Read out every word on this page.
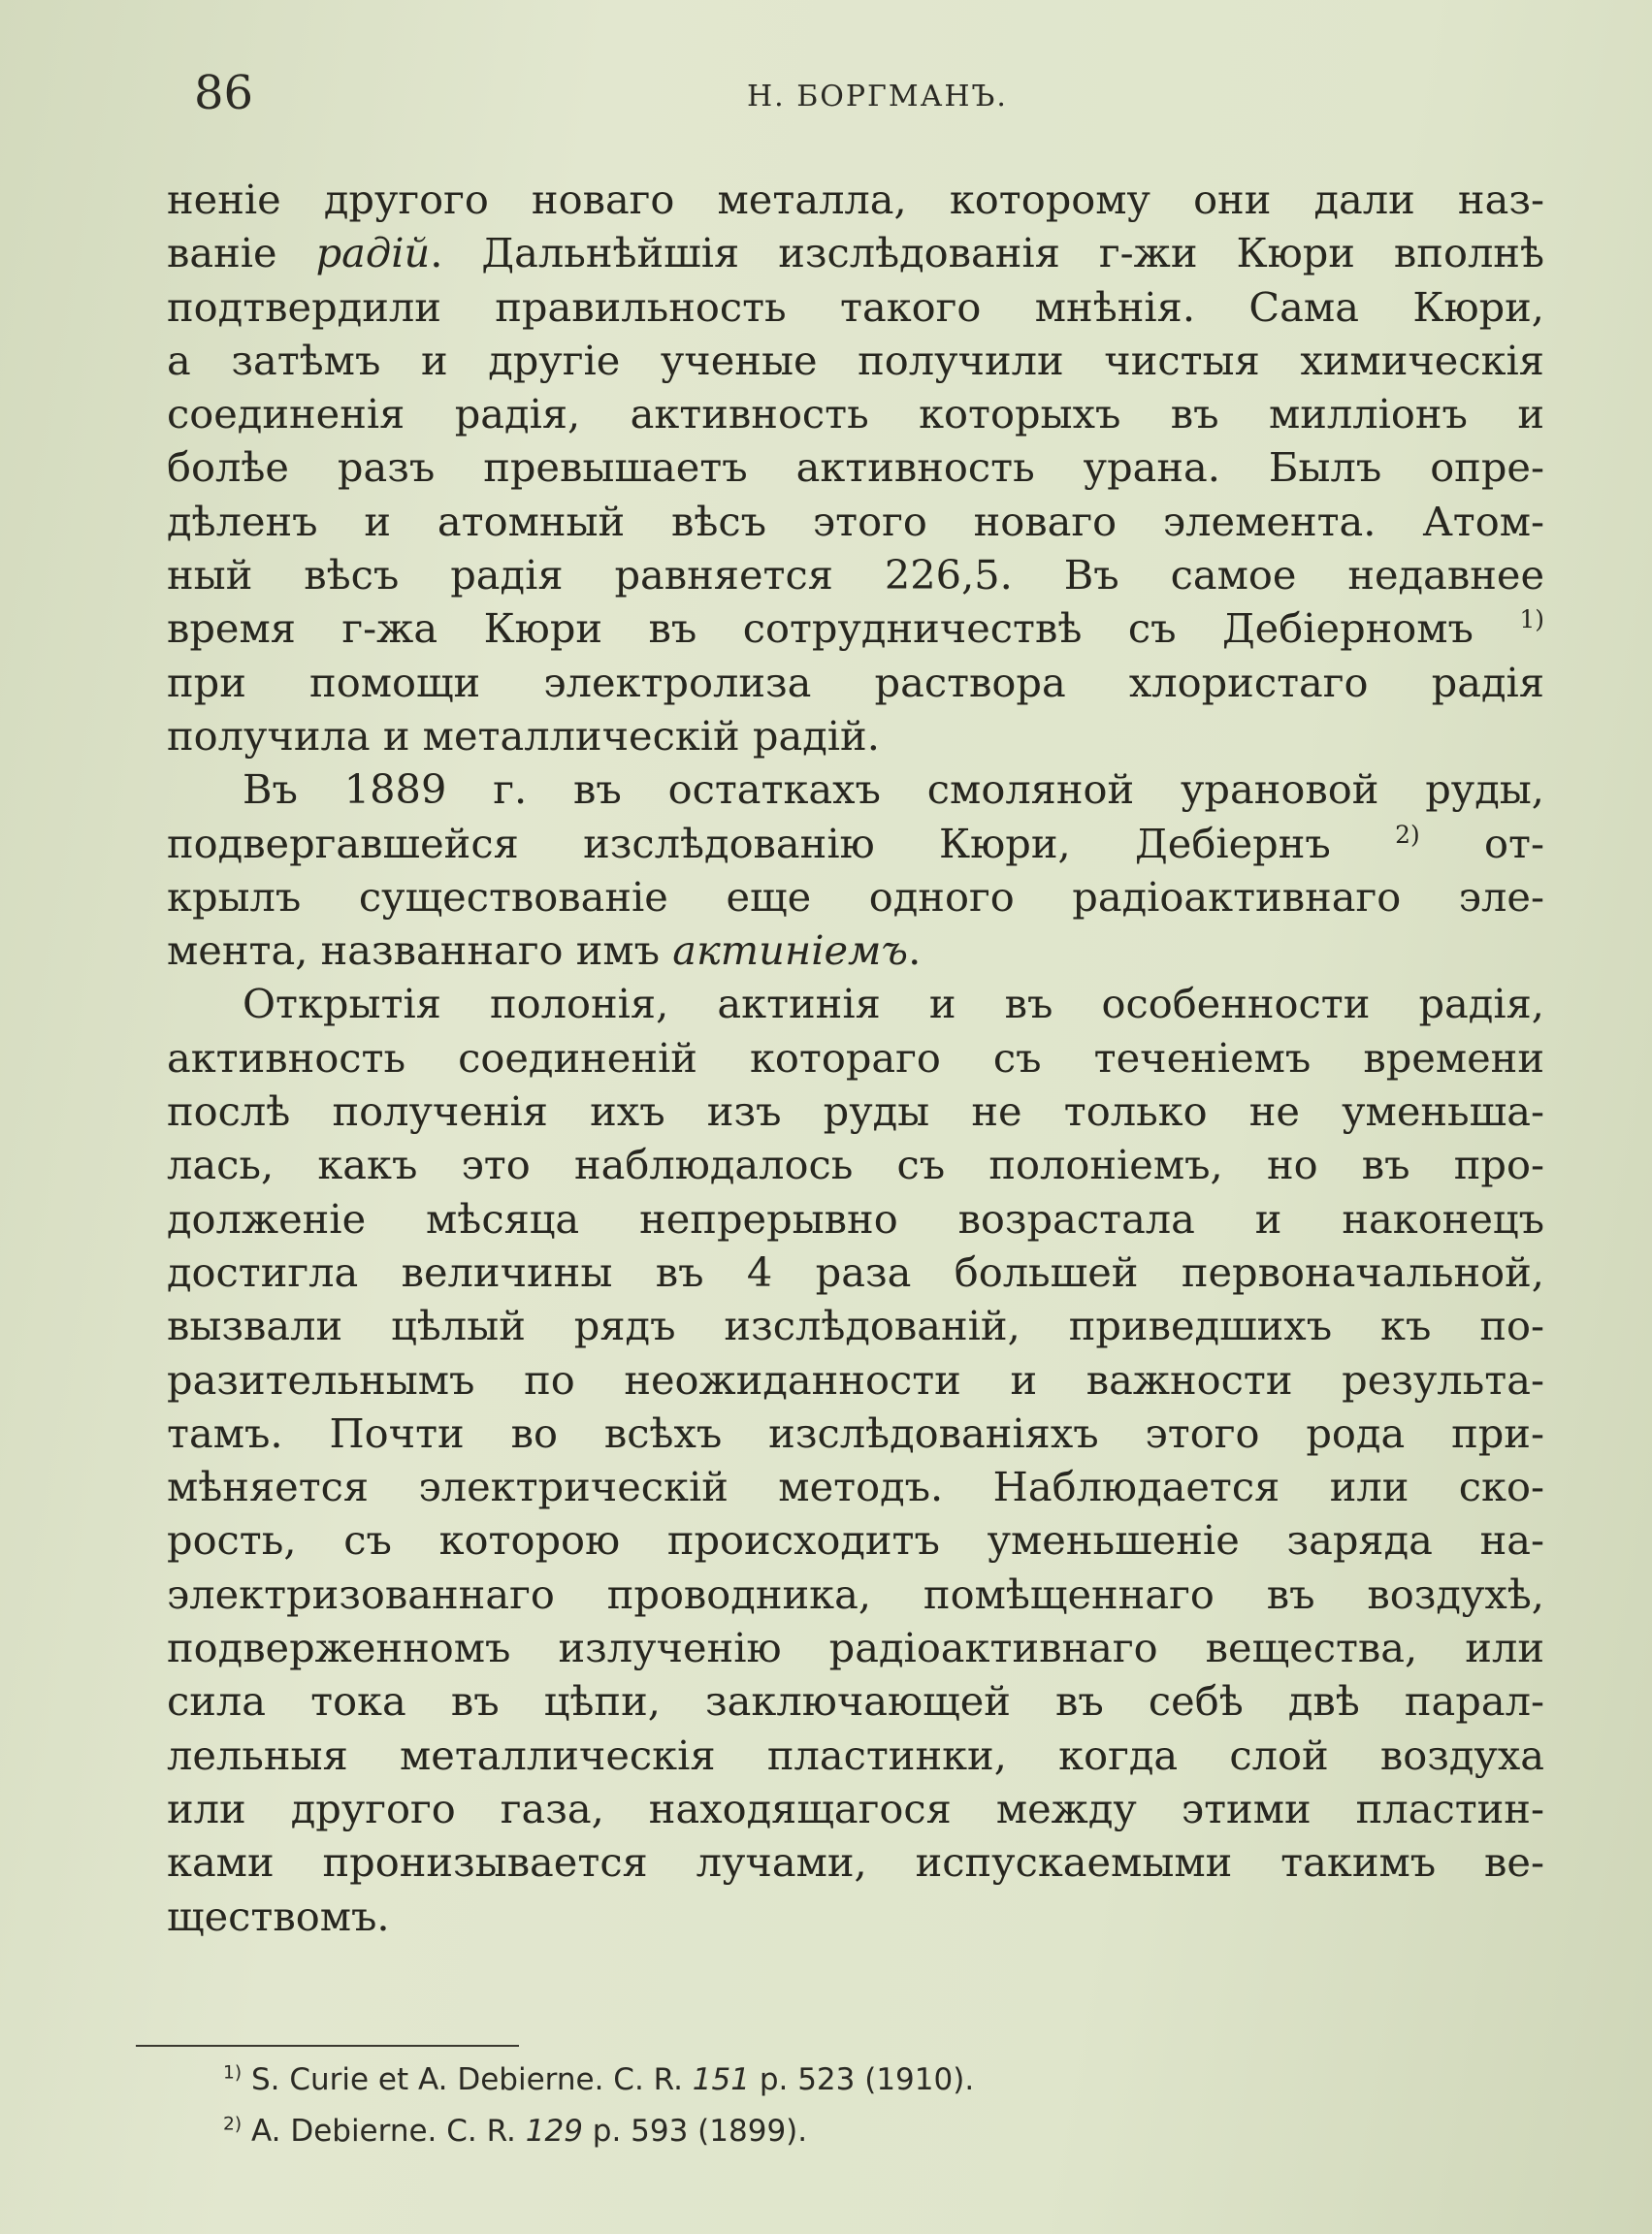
86	Н. БОРГМАНЪ.

неніе другого новаго металла, которому они дали наз-
ваніе радій. Дальнѣйшія изслѣдованія г-жи Кюри вполнѣ
подтвердили правильность такого мнѣнія. Сама Кюри,
а затѣмъ и другіе ученые получили чистыя химическія
соединенія радія, активность которыхъ въ милліонъ и
болѣе разъ превышаетъ активность урана. Былъ опре-
дѣленъ и атомный вѣсъ этого новаго элемента. Атом-
ный вѣсъ радія равняется 226,5. Въ самое недавнее
время г-жа Кюри въ сотрудничествѣ съ Дебіерномъ $^{1)}$
при помощи электролиза раствора хлористаго радія
получила и металлическій радій.

Въ 1889 г. въ остаткахъ смоляной урановой руды,
подвергавшейся изслѣдованію Кюри, Дебіернъ $^{2)}$ от-
крылъ существованіе еще одного радіоактивнаго эле-
мента, названнаго имъ актиніемъ.

Открытія полонія, актинія и въ особенности радія,
активность соединеній котораго съ теченіемъ времени
послѣ полученія ихъ изъ руды не только не уменьша-
лась, какъ это наблюдалось съ полоніемъ, но въ про-
долженіе мѣсяца непрерывно возрастала и наконецъ
достигла величины въ 4 раза большей первоначальной,
вызвали цѣлый рядъ изслѣдованій, приведшихъ къ по-
разительнымъ по неожиданности и важности результа-
тамъ. Почти во всѣхъ изслѣдованіяхъ этого рода при-
мѣняется электрическій методъ. Наблюдается или ско-
рость, съ которою происходитъ уменьшеніе заряда на-
электризованнаго проводника, помѣщеннаго въ воздухѣ,
подверженномъ излученію радіоактивнаго вещества, или
сила тока въ цѣпи, заключающей въ себѣ двѣ парал-
лельныя металлическія пластинки, когда слой воздуха
или другого газа, находящагося между этими пластин-
ками пронизывается лучами, испускаемыми такимъ ве-
ществомъ.

$^{1)}$ S. Curie et A. Debierne. C. R. 151 p. 523 (1910).
$^{2)}$ A. Debierne. C. R. 129 p. 593 (1899).
